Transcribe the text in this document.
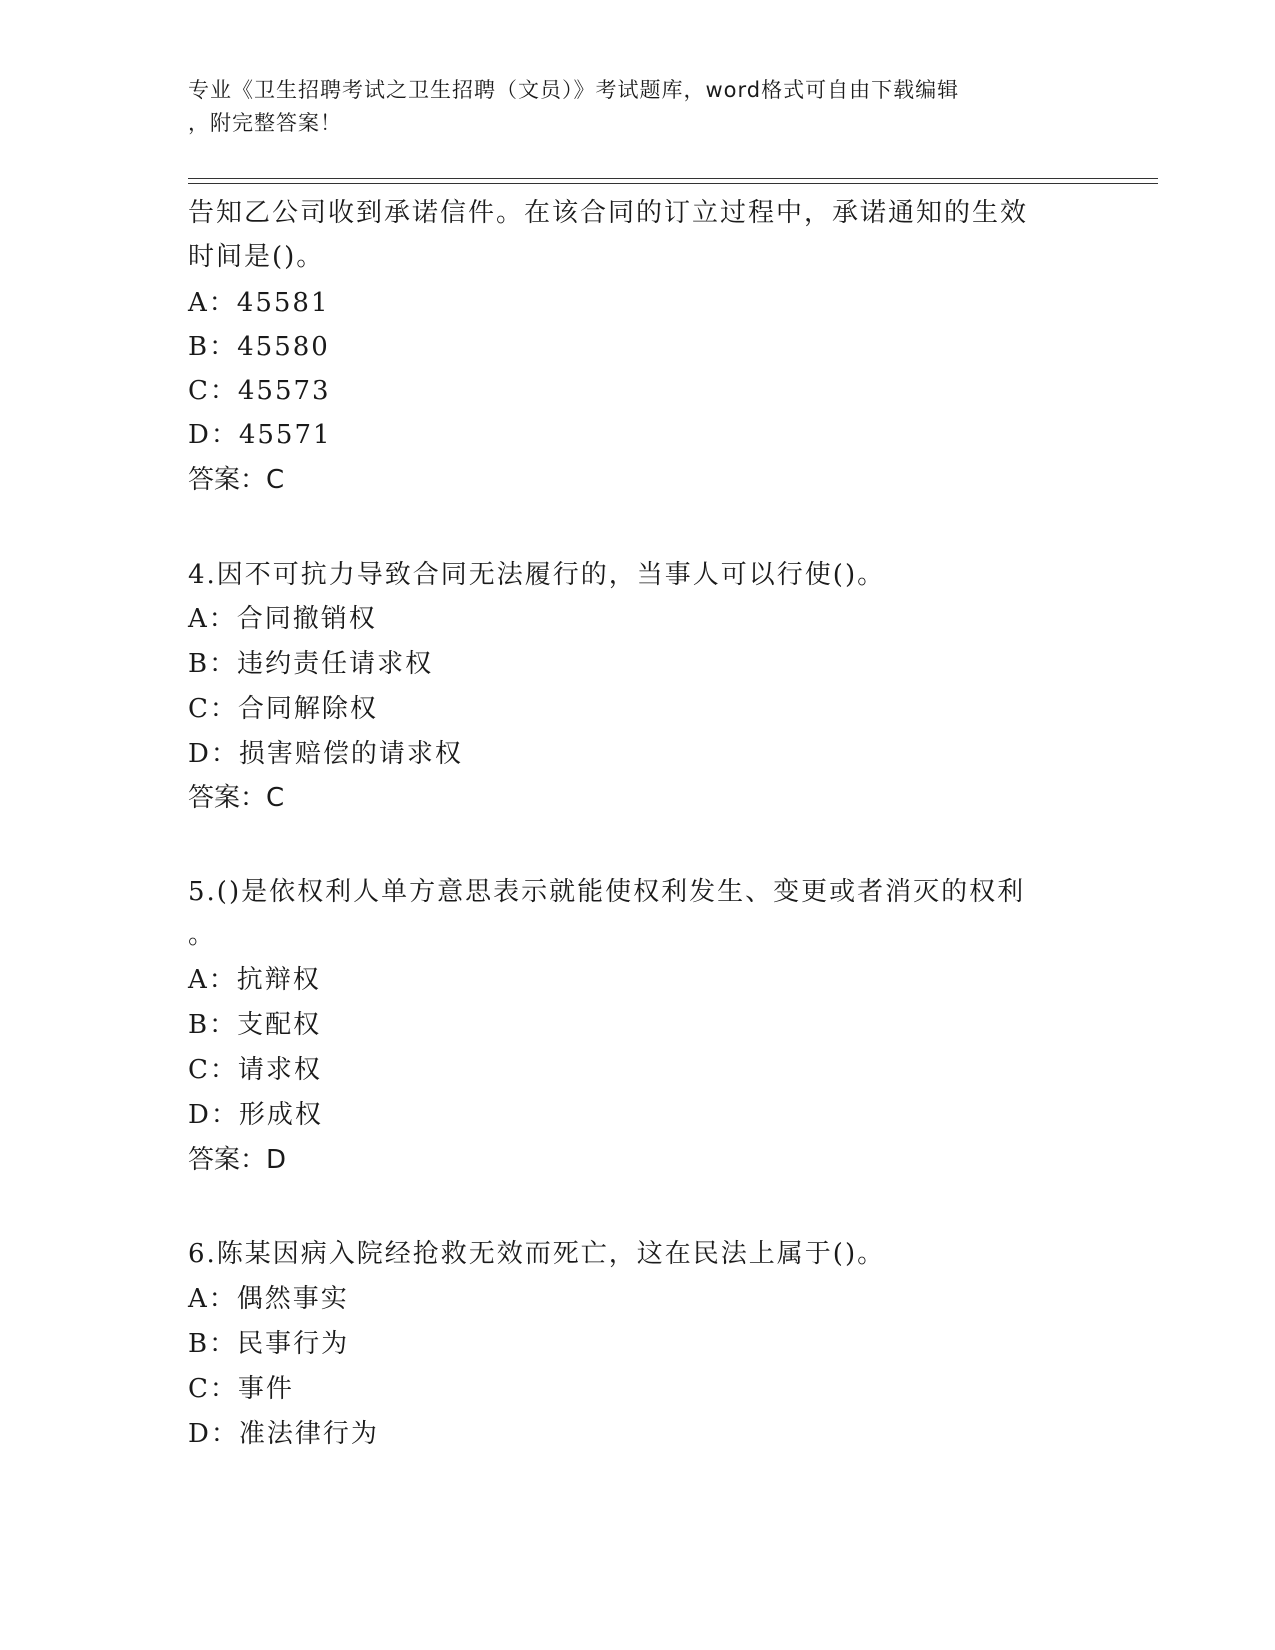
专业《卫生招聘考试之卫生招聘（文员）》考试题库，word格式可自由下载编辑
，附完整答案！
告知乙公司收到承诺信件。在该合同的订立过程中，承诺通知的生效
时间是()。
A：45581
B：45580
C：45573
D：45571
答案：C
4.因不可抗力导致合同无法履行的，当事人可以行使()。
A：合同撤销权
B：违约责任请求权
C：合同解除权
D：损害赔偿的请求权
答案：C
5.()是依权利人单方意思表示就能使权利发生、变更或者消灭的权利
。
A：抗辩权
B：支配权
C：请求权
D：形成权
答案：D
6.陈某因病入院经抢救无效而死亡，这在民法上属于()。
A：偶然事实
B：民事行为
C：事件
D：准法律行为
